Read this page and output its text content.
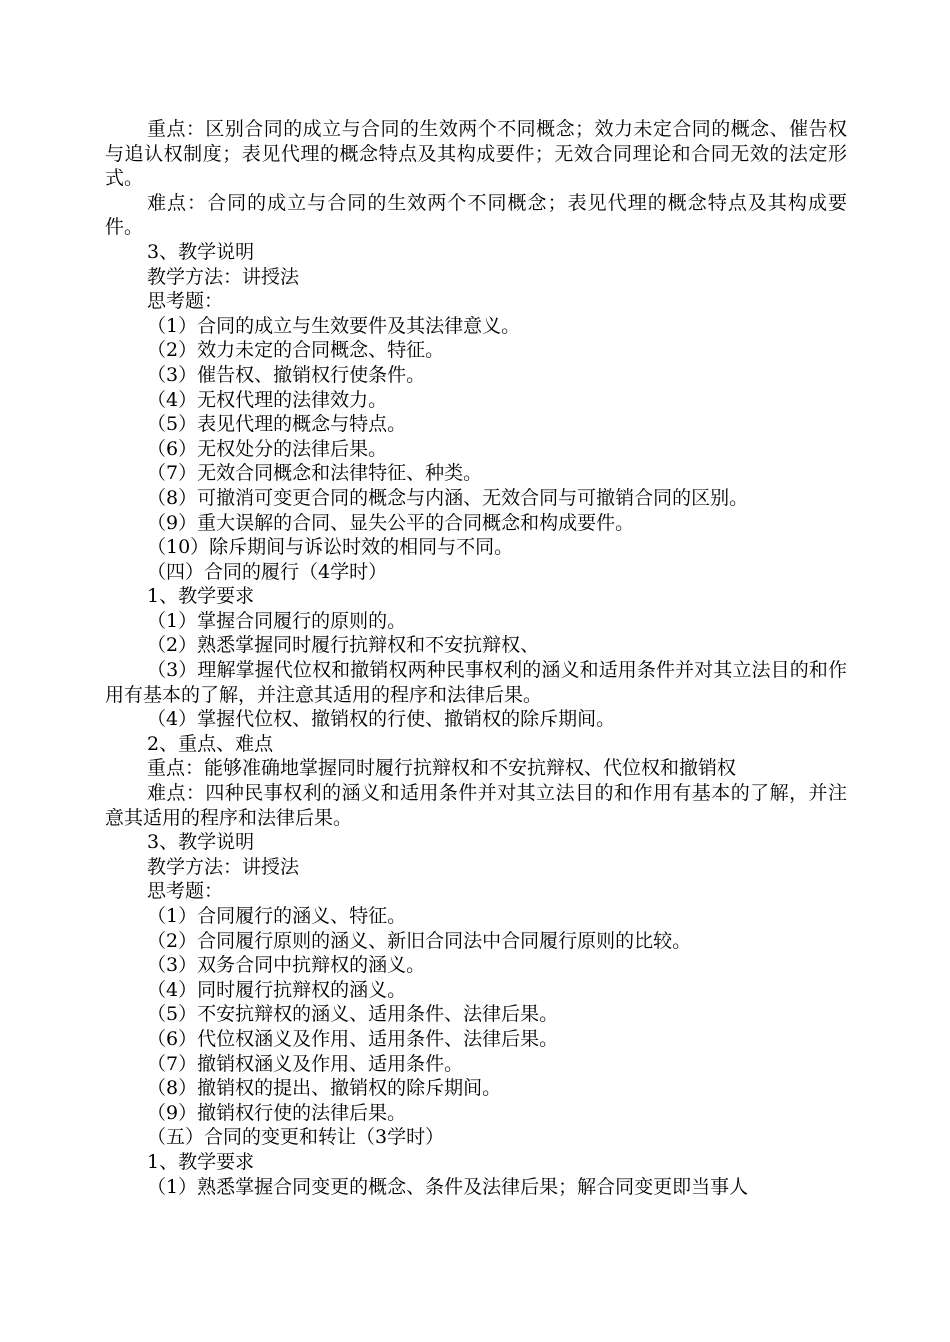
重点：区别合同的成立与合同的生效两个不同概念；效力未定合同的概念、催告权与追认权制度；表见代理的概念特点及其构成要件；无效合同理论和合同无效的法定形式。

难点：合同的成立与合同的生效两个不同概念；表见代理的概念特点及其构成要件。

3、教学说明

教学方法：讲授法

思考题：

（1）合同的成立与生效要件及其法律意义。

（2）效力未定的合同概念、特征。

（3）催告权、撤销权行使条件。

（4）无权代理的法律效力。

（5）表见代理的概念与特点。

（6）无权处分的法律后果。

（7）无效合同概念和法律特征、种类。

（8）可撤消可变更合同的概念与内涵、无效合同与可撤销合同的区别。

（9）重大误解的合同、显失公平的合同概念和构成要件。

（10）除斥期间与诉讼时效的相同与不同。

（四）合同的履行（4学时）

1、教学要求

（1）掌握合同履行的原则的。

（2）熟悉掌握同时履行抗辩权和不安抗辩权、

（3）理解掌握代位权和撤销权两种民事权利的涵义和适用条件并对其立法目的和作用有基本的了解，并注意其适用的程序和法律后果。

（4）掌握代位权、撤销权的行使、撤销权的除斥期间。

2、重点、难点

重点：能够准确地掌握同时履行抗辩权和不安抗辩权、代位权和撤销权

难点：四种民事权利的涵义和适用条件并对其立法目的和作用有基本的了解，并注意其适用的程序和法律后果。

3、教学说明

教学方法：讲授法

思考题：

（1）合同履行的涵义、特征。

（2）合同履行原则的涵义、新旧合同法中合同履行原则的比较。

（3）双务合同中抗辩权的涵义。

（4）同时履行抗辩权的涵义。

（5）不安抗辩权的涵义、适用条件、法律后果。

（6）代位权涵义及作用、适用条件、法律后果。

（7）撤销权涵义及作用、适用条件。

（8）撤销权的提出、撤销权的除斥期间。

（9）撤销权行使的法律后果。

（五）合同的变更和转让（3学时）

1、教学要求

（1）熟悉掌握合同变更的概念、条件及法律后果；解合同变更即当事人
